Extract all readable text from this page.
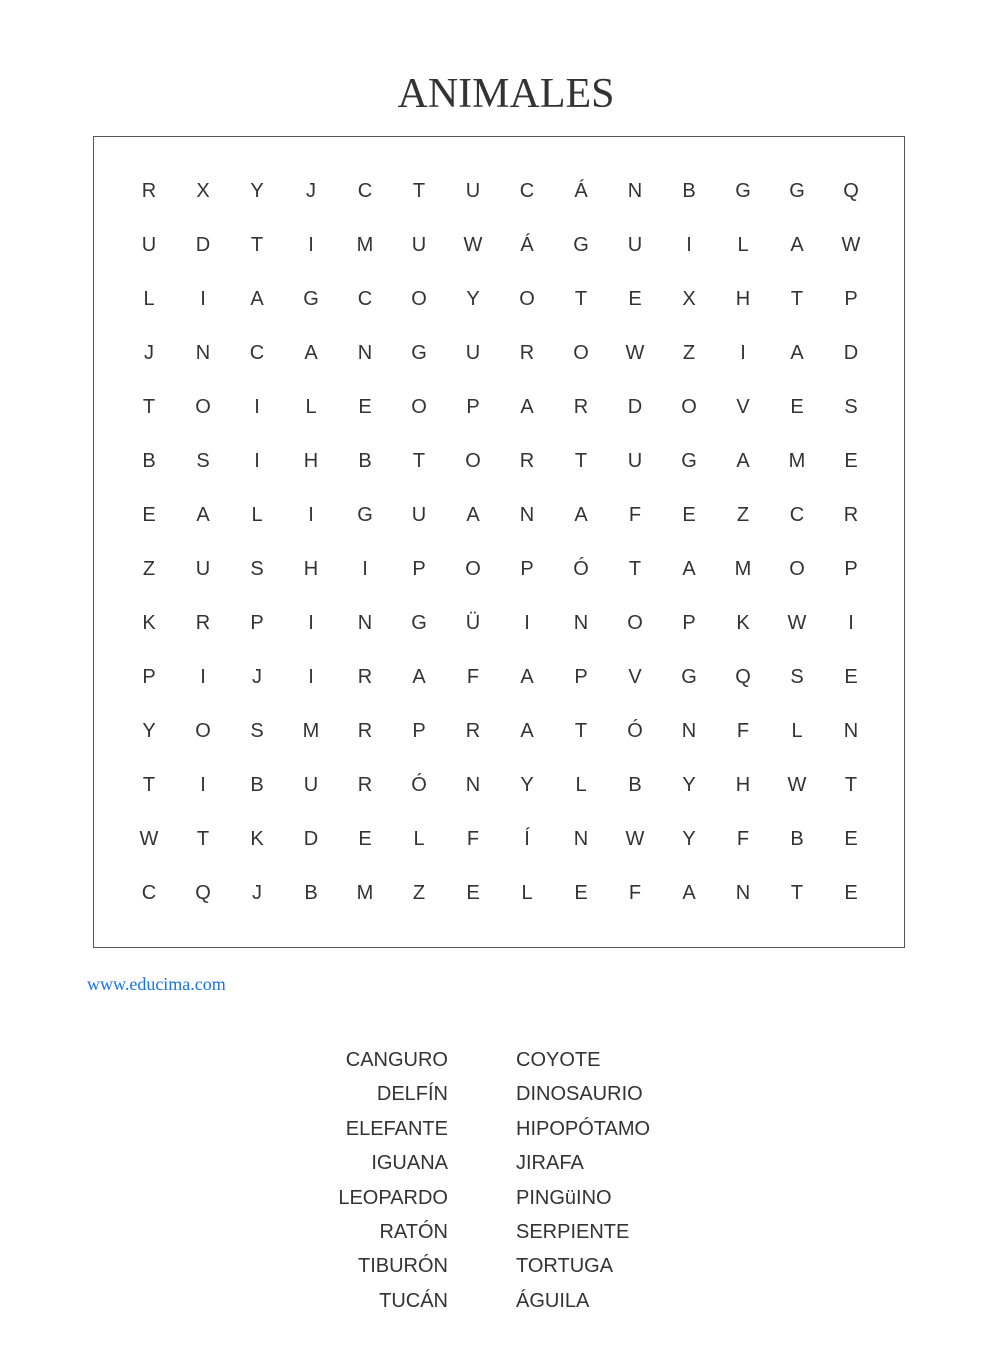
ANIMALES
R	X	Y	J	C	T	U	C	Á	N	B	G	G	Q
U	D	T	I	M	U	W	Á	G	U	I	L	A	W
L	I	A	G	C	O	Y	O	T	E	X	H	T	P
J	N	C	A	N	G	U	R	O	W	Z	I	A	D
T	O	I	L	E	O	P	A	R	D	O	V	E	S
B	S	I	H	B	T	O	R	T	U	G	A	M	E
E	A	L	I	G	U	A	N	A	F	E	Z	C	R
Z	U	S	H	I	P	O	P	Ó	T	A	M	O	P
K	R	P	I	N	G	Ü	I	N	O	P	K	W	I
P	I	J	I	R	A	F	A	P	V	G	Q	S	E
Y	O	S	M	R	P	R	A	T	Ó	N	F	L	N
T	I	B	U	R	Ó	N	Y	L	B	Y	H	W	T
W	T	K	D	E	L	F	Í	N	W	Y	F	B	E
C	Q	J	B	M	Z	E	L	E	F	A	N	T	E
www.educima.com
CANGURO
DELFÍN
ELEFANTE
IGUANA
LEOPARDO
RATÓN
TIBURÓN
TUCÁN
COYOTE
DINOSAURIO
HIPOPÓTAMO
JIRAFA
PINGüINO
SERPIENTE
TORTUGA
ÁGUILA
